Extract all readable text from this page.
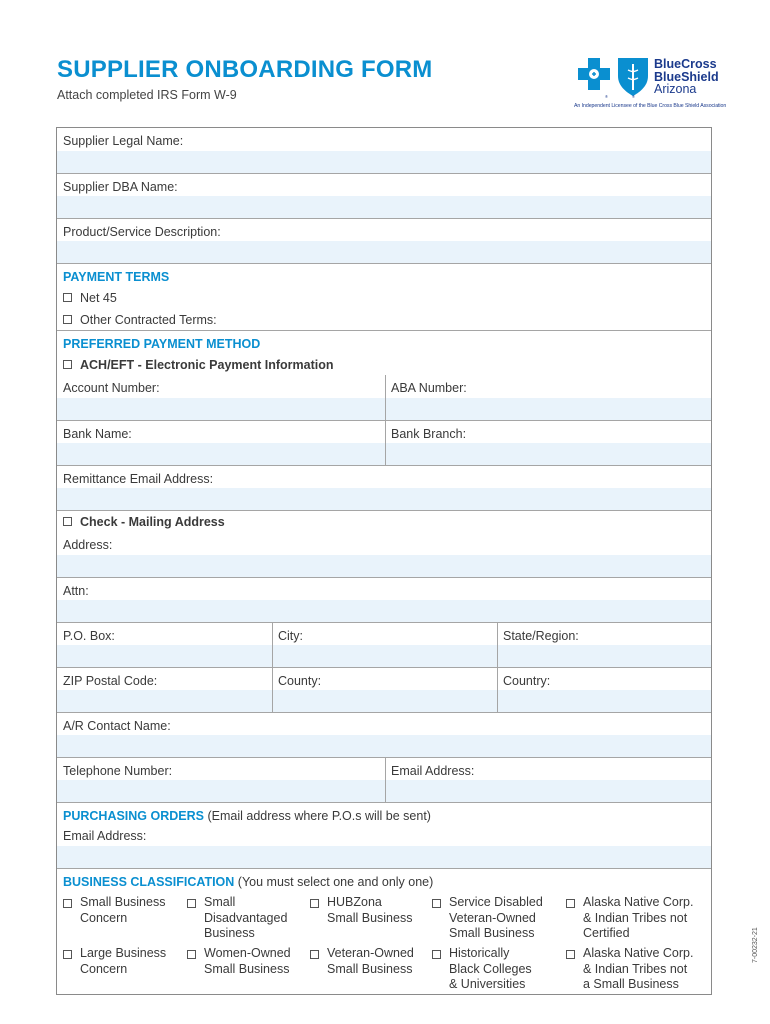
SUPPLIER ONBOARDING FORM
Attach completed IRS Form W-9	®	®
BlueCross
BlueShield
Arizona
An Independent Licensee of the Blue Cross Blue Shield Association
Supplier Legal Name:
Supplier DBA Name:
Product/Service Description:
PAYMENT TERMS
Net 45
Other Contracted Terms:
PREFERRED PAYMENT METHOD
ACH/EFT - Electronic Payment Information
Account Number:	ABA Number:
Bank Name:	Bank Branch:
Remittance Email Address:
Check - Mailing Address
Address:
Attn:
P.O. Box:	City:	State/Region:
ZIP Postal Code:	County:	Country:
A/R Contact Name:
Telephone Number:	Email Address:
PURCHASING ORDERS (Email address where P.O.s will be sent)
Email Address:
BUSINESS CLASSIFICATION (You must select one and only one)
Small Business
Concern
Small
Disadvantaged
Business
HUBZona
Small Business
Service Disabled
Veteran-Owned
Small Business
Alaska Native Corp.
& Indian Tribes not
Certified
Large Business
Concern
Women-Owned
Small Business
Veteran-Owned
Small Business
Historically
Black Colleges
& Universities
Alaska Native Corp.
& Indian Tribes not
a Small Business
7-00232-21
